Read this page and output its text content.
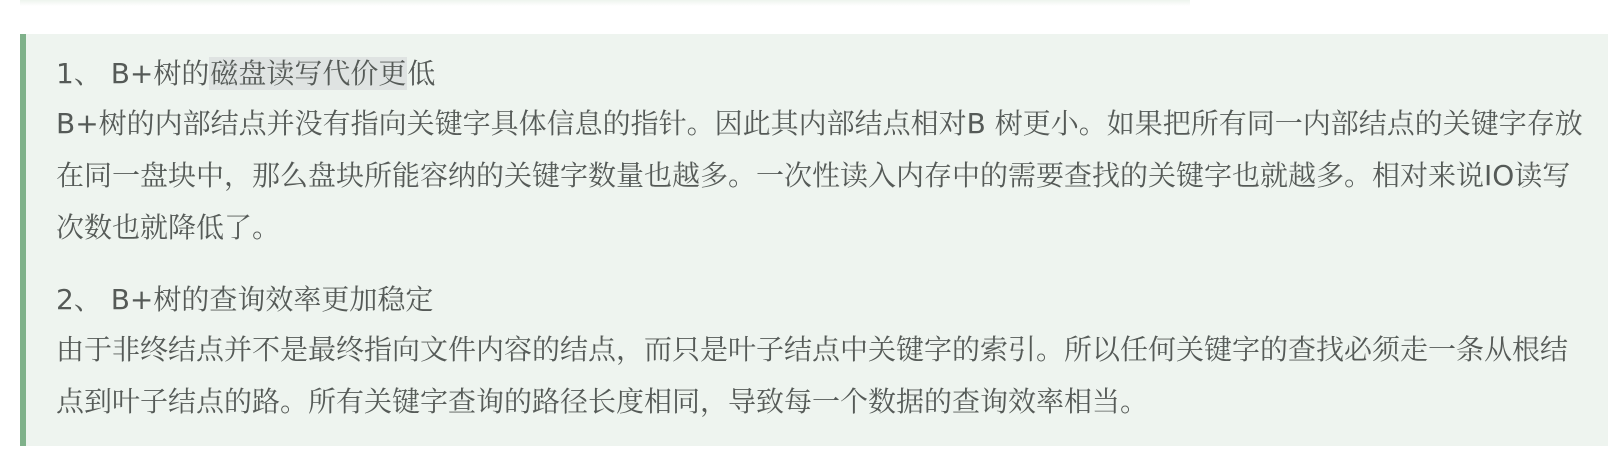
1、 B+树的磁盘读写代价更低
B+树的内部结点并没有指向关键字具体信息的指针。因此其内部结点相对B 树更小。如果把所有同一内部结点的关键字存放在同一盘块中，那么盘块所能容纳的关键字数量也越多。一次性读入内存中的需要查找的关键字也就越多。相对来说IO读写次数也就降低了。
2、 B+树的查询效率更加稳定
由于非终结点并不是最终指向文件内容的结点，而只是叶子结点中关键字的索引。所以任何关键字的查找必须走一条从根结点到叶子结点的路。所有关键字查询的路径长度相同，导致每一个数据的查询效率相当。
